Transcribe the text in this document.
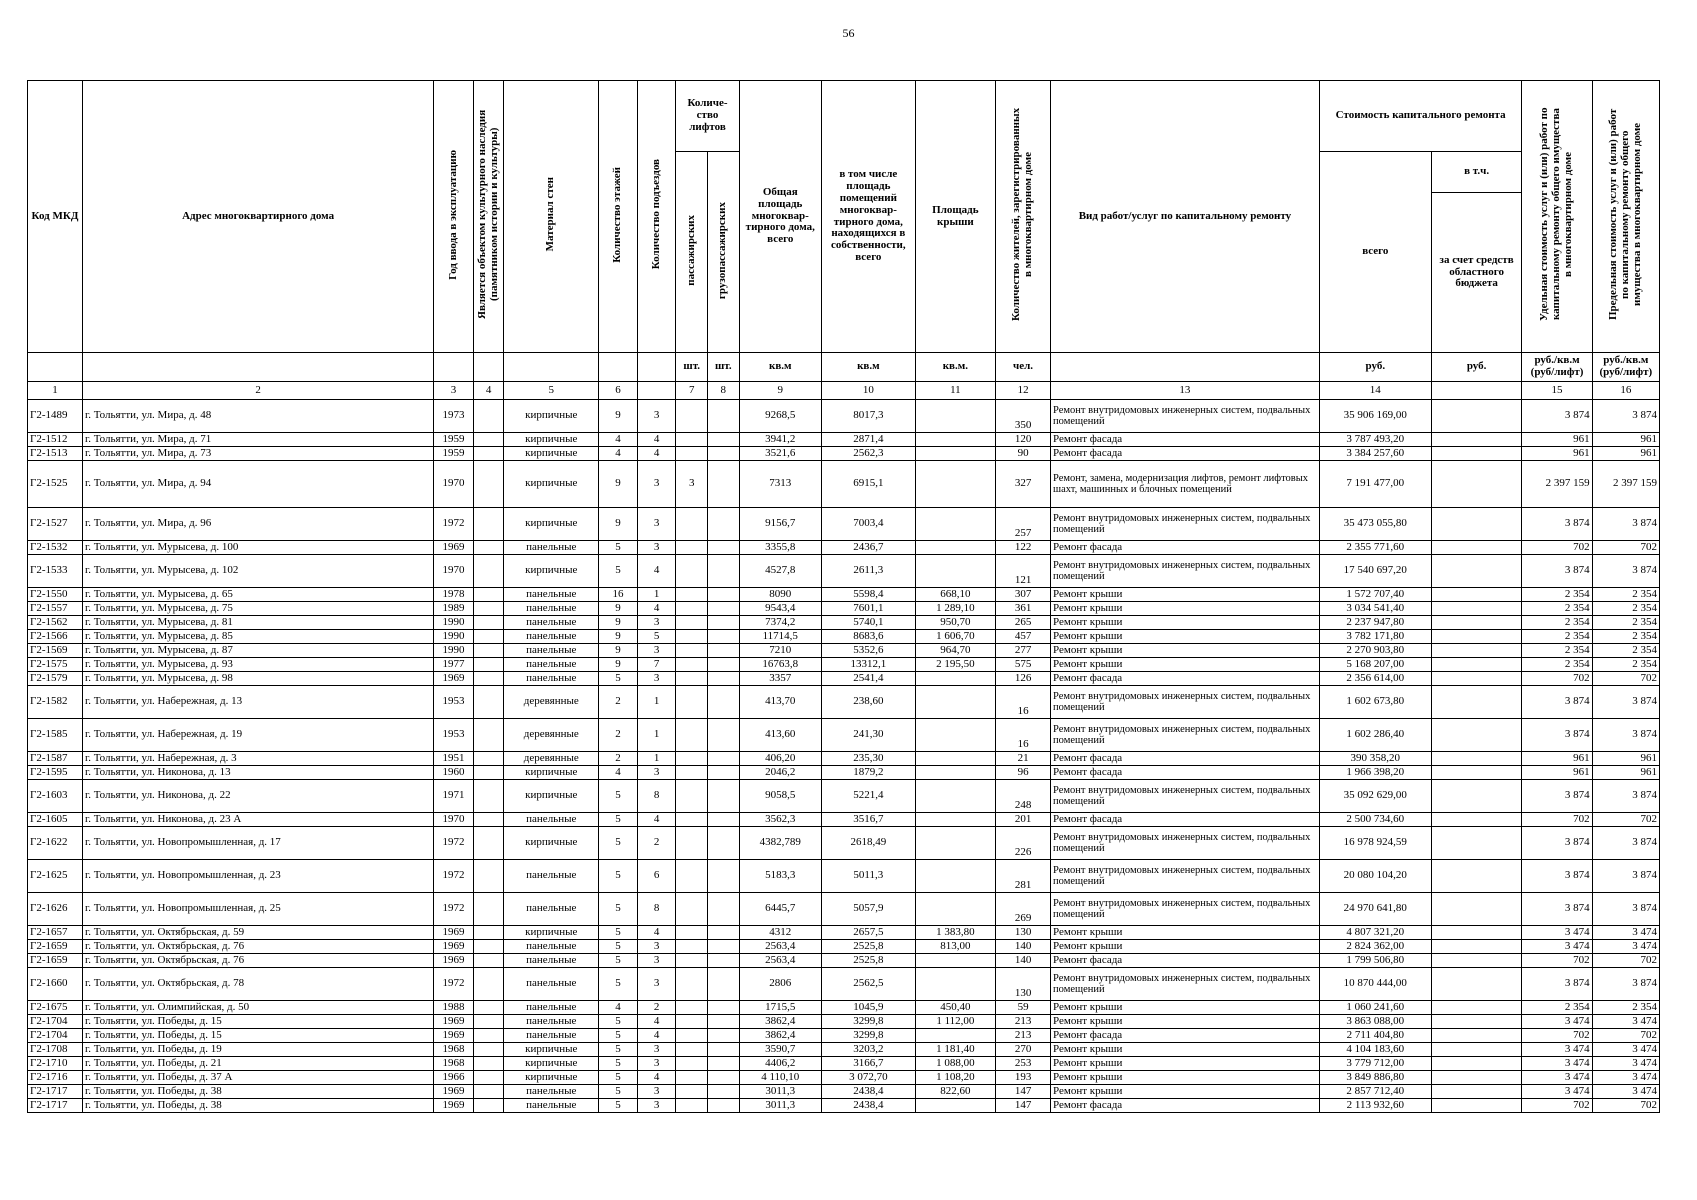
56
Код МКД	Адрес многоквартирного дома	Год ввода в эксплуатацию	Является объектом культурного наследия (памятником истории и культуры)	Материал стен	Количество этажей	Количество подъездов	Количе-ство лифтов		Общая площадь многоквар-тирного дома, всего	в том числе площадь помещений многоквар-тирного дома, находящихся в собственности, всего	Площадь крыши	Количество жителей, зарегистрированных в многоквартирном доме	Вид работ/услуг по капитальному ремонту	Стоимость капитального ремонта		Удельная стоимость услуг и (или) работ по капитальному ремонту общего имущества в многоквартирном доме	Предельная стоимость услуг и (или) работ по капитальному ремонту общего имущества в многоквартирном доме
							пассажирских	грузопассажирских						всего	в т.ч.		
															за счет средств областного бюджета		
							шт.	шт.	кв.м	кв.м	кв.м.	чел.		руб.	руб.	руб./кв.м (руб/лифт)	руб./кв.м (руб/лифт)
1	2	3	4	5	6		7	8	9	10	11	12	13	14		15	16
Г2-1489	г. Тольятти, ул. Мира, д. 48	1973		кирпичные	9	3			9268,5	8017,3		350	Ремонт внутридомовых инженерных систем, подвальных помещений	35 906 169,00		3 874	3 874
Г2-1512	г. Тольятти, ул. Мира, д. 71	1959		кирпичные	4	4			3941,2	2871,4		120	Ремонт фасада	3 787 493,20		961	961
Г2-1513	г. Тольятти, ул. Мира, д. 73	1959		кирпичные	4	4			3521,6	2562,3		90	Ремонт фасада	3 384 257,60		961	961
Г2-1525	г. Тольятти, ул. Мира, д. 94	1970		кирпичные	9	3	3		7313	6915,1		327	Ремонт, замена, модернизация лифтов, ремонт лифтовых шахт, машинных и блочных помещений	7 191 477,00		2 397 159	2 397 159
Г2-1527	г. Тольятти, ул. Мира, д. 96	1972		кирпичные	9	3			9156,7	7003,4		257	Ремонт внутридомовых инженерных систем, подвальных помещений	35 473 055,80		3 874	3 874
Г2-1532	г. Тольятти, ул. Мурысева, д. 100	1969		панельные	5	3			3355,8	2436,7		122	Ремонт фасада	2 355 771,60		702	702
Г2-1533	г. Тольятти, ул. Мурысева, д. 102	1970		кирпичные	5	4			4527,8	2611,3		121	Ремонт внутридомовых инженерных систем, подвальных помещений	17 540 697,20		3 874	3 874
Г2-1550	г. Тольятти, ул. Мурысева, д. 65	1978		панельные	16	1			8090	5598,4	668,10	307	Ремонт крыши	1 572 707,40		2 354	2 354
Г2-1557	г. Тольятти, ул. Мурысева, д. 75	1989		панельные	9	4			9543,4	7601,1	1 289,10	361	Ремонт крыши	3 034 541,40		2 354	2 354
Г2-1562	г. Тольятти, ул. Мурысева, д. 81	1990		панельные	9	3			7374,2	5740,1	950,70	265	Ремонт крыши	2 237 947,80		2 354	2 354
Г2-1566	г. Тольятти, ул. Мурысева, д. 85	1990		панельные	9	5			11714,5	8683,6	1 606,70	457	Ремонт крыши	3 782 171,80		2 354	2 354
Г2-1569	г. Тольятти, ул. Мурысева, д. 87	1990		панельные	9	3			7210	5352,6	964,70	277	Ремонт крыши	2 270 903,80		2 354	2 354
Г2-1575	г. Тольятти, ул. Мурысева, д. 93	1977		панельные	9	7			16763,8	13312,1	2 195,50	575	Ремонт крыши	5 168 207,00		2 354	2 354
Г2-1579	г. Тольятти, ул. Мурысева, д. 98	1969		панельные	5	3			3357	2541,4		126	Ремонт фасада	2 356 614,00		702	702
Г2-1582	г. Тольятти, ул. Набережная, д. 13	1953		деревянные	2	1			413,70	238,60		16	Ремонт внутридомовых инженерных систем, подвальных помещений	1 602 673,80		3 874	3 874
Г2-1585	г. Тольятти, ул. Набережная, д. 19	1953		деревянные	2	1			413,60	241,30		16	Ремонт внутридомовых инженерных систем, подвальных помещений	1 602 286,40		3 874	3 874
Г2-1587	г. Тольятти, ул. Набережная, д. 3	1951		деревянные	2	1			406,20	235,30		21	Ремонт фасада	390 358,20		961	961
Г2-1595	г. Тольятти, ул. Никонова, д. 13	1960		кирпичные	4	3			2046,2	1879,2		96	Ремонт фасада	1 966 398,20		961	961
Г2-1603	г. Тольятти, ул. Никонова, д. 22	1971		кирпичные	5	8			9058,5	5221,4		248	Ремонт внутридомовых инженерных систем, подвальных помещений	35 092 629,00		3 874	3 874
Г2-1605	г. Тольятти, ул. Никонова, д. 23 А	1970		панельные	5	4			3562,3	3516,7		201	Ремонт фасада	2 500 734,60		702	702
Г2-1622	г. Тольятти, ул. Новопромышленная, д. 17	1972		кирпичные	5	2			4382,789	2618,49		226	Ремонт внутридомовых инженерных систем, подвальных помещений	16 978 924,59		3 874	3 874
Г2-1625	г. Тольятти, ул. Новопромышленная, д. 23	1972		панельные	5	6			5183,3	5011,3		281	Ремонт внутридомовых инженерных систем, подвальных помещений	20 080 104,20		3 874	3 874
Г2-1626	г. Тольятти, ул. Новопромышленная, д. 25	1972		панельные	5	8			6445,7	5057,9		269	Ремонт внутридомовых инженерных систем, подвальных помещений	24 970 641,80		3 874	3 874
Г2-1657	г. Тольятти, ул. Октябрьская, д. 59	1969		кирпичные	5	4			4312	2657,5	1 383,80	130	Ремонт крыши	4 807 321,20		3 474	3 474
Г2-1659	г. Тольятти, ул. Октябрьская, д. 76	1969		панельные	5	3			2563,4	2525,8	813,00	140	Ремонт крыши	2 824 362,00		3 474	3 474
Г2-1659	г. Тольятти, ул. Октябрьская, д. 76	1969		панельные	5	3			2563,4	2525,8		140	Ремонт фасада	1 799 506,80		702	702
Г2-1660	г. Тольятти, ул. Октябрьская, д. 78	1972		панельные	5	3			2806	2562,5		130	Ремонт внутридомовых инженерных систем, подвальных помещений	10 870 444,00		3 874	3 874
Г2-1675	г. Тольятти, ул. Олимпийская, д. 50	1988		панельные	4	2			1715,5	1045,9	450,40	59	Ремонт крыши	1 060 241,60		2 354	2 354
Г2-1704	г. Тольятти, ул. Победы, д. 15	1969		панельные	5	4			3862,4	3299,8	1 112,00	213	Ремонт крыши	3 863 088,00		3 474	3 474
Г2-1704	г. Тольятти, ул. Победы, д. 15	1969		панельные	5	4			3862,4	3299,8		213	Ремонт фасада	2 711 404,80		702	702
Г2-1708	г. Тольятти, ул. Победы, д. 19	1968		кирпичные	5	3			3590,7	3203,2	1 181,40	270	Ремонт крыши	4 104 183,60		3 474	3 474
Г2-1710	г. Тольятти, ул. Победы, д. 21	1968		кирпичные	5	3			4406,2	3166,7	1 088,00	253	Ремонт крыши	3 779 712,00		3 474	3 474
Г2-1716	г. Тольятти, ул. Победы, д. 37 А	1966		кирпичные	5	4			4 110,10	3 072,70	1 108,20	193	Ремонт крыши	3 849 886,80		3 474	3 474
Г2-1717	г. Тольятти, ул. Победы, д. 38	1969		панельные	5	3			3011,3	2438,4	822,60	147	Ремонт крыши	2 857 712,40		3 474	3 474
Г2-1717	г. Тольятти, ул. Победы, д. 38	1969		панельные	5	3			3011,3	2438,4		147	Ремонт фасада	2 113 932,60		702	702
